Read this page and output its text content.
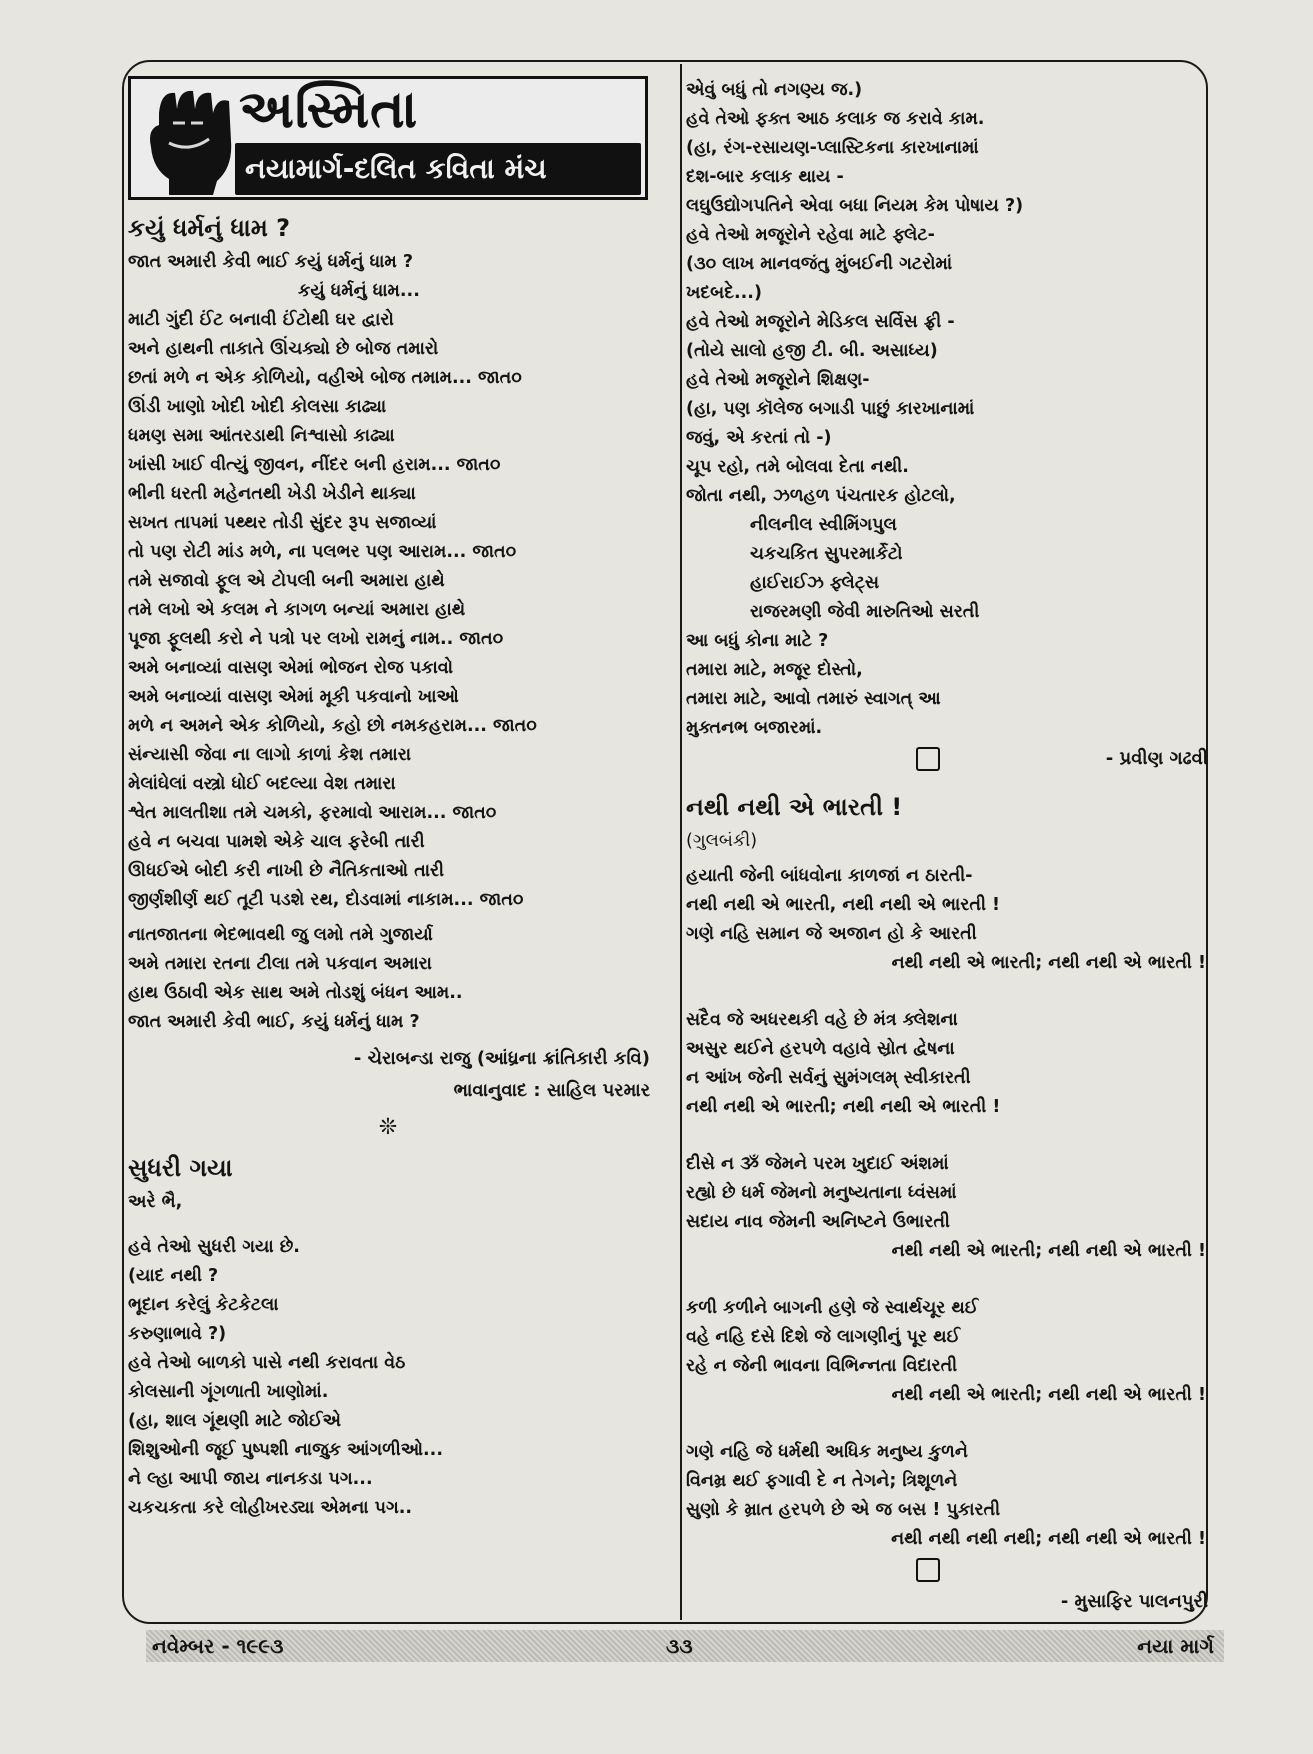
અસ્મિતા
નયામાર્ગ-દલિત કવિતા મંચ
કયું ધર્મનું ધામ ?
જાત અમારી કેવી ભાઈ કયું ધર્મનું ધામ ?
કયું ધર્મનું ધામ...
માટી ગુંદી ઈંટ બનાવી ઈંટોથી ઘર દ્વારો
અને હાથની તાકાતે ઊંચક્યો છે બોજ તમારો
છતાં મળે ન એક કોળિયો, વહીએ બોજ તમામ... જાત૦
ઊંડી ખાણો ખોદી ખોદી કોલસા કાઢ્યા
ધમણ સમા આંતરડાથી નિશ્વાસો કાઢ્યા
ખાંસી ખાઈ વીત્યું જીવન, નીંદર બની હરામ... જાત૦
ભીની ધરતી મહેનતથી ખેડી ખેડીને થાક્યા
સખત તાપમાં પથ્થર તોડી સુંદર રૂપ સજાવ્યાં
તો પણ રોટી માંડ મળે, ના પલભર પણ આરામ... જાત૦
તમે સજાવો ફૂલ એ ટોપલી બની અમારા હાથે
તમે લખો એ કલમ ને કાગળ બન્યાં અમારા હાથે
પૂજા ફૂલથી કરો ને પત્રો પર લખો રામનું નામ.. જાત૦
અમે બનાવ્યાં વાસણ એમાં ભોજન રોજ પકાવો
અમે બનાવ્યાં વાસણ એમાં મૂકી પકવાનો ખાઓ
મળે ન અમને એક કોળિયો, કહો છો નમકહરામ... જાત૦
સંન્યાસી જેવા ના લાગો કાળાં કેશ તમારા
મેલાંઘેલાં વસ્ત્રો ધોઈ બદલ્યા વેશ તમારા
શ્વેત માલતીશા તમે ચમકો, ફરમાવો આરામ... જાત૦
હવે ન બચવા પામશે એકે ચાલ ફરેબી તારી
ઊધઈએ બોદી કરી નાખી છે નૈતિકતાઓ તારી
જીર્ણશીર્ણ થઈ તૂટી પડશે રથ, દોડવામાં નાકામ... જાત૦
નાતજાતના ભેદભાવથી જુ લમો તમે ગુજાર્યા
અમે તમારા રતના ટીલા તમે પકવાન અમારા
હાથ ઉઠાવી એક સાથ અમે તોડશું બંધન આમ..
જાત અમારી કેવી ભાઈ, કયું ધર્મનું ધામ ?
- ચેરાબન્ડા રાજુ (આંધ્રના ક્રાંતિકારી કવિ)
ભાવાનુવાદ : સાહિલ પરમાર
❊
સુધરી ગયા
અરે ભૈ,
હવે તેઓ સુધરી ગયા છે.
(યાદ નથી ?
ભૂદાન કરેલું કેટકેટલા
કરુણાભાવે ?)
હવે તેઓ બાળકો પાસે નથી કરાવતા વેઠ
કોલસાની ગૂંગળાતી ખાણોમાં.
(હા, શાલ ગૂંથણી માટે જોઈએ
શિશુઓની જૂઈ પુષ્પશી નાજુક આંગળીઓ...
ને લ્હા આપી જાય નાનકડા પગ...
ચકચકતા કરે લોહીખરડ્યા એમના પગ..
એવું બધું તો નગણ્ય જ.)
હવે તેઓ ફક્ત આઠ કલાક જ કરાવે કામ.
(હા, રંગ-રસાયણ-પ્લાસ્ટિકના કારખાનામાં
દશ-બાર કલાક થાય -
લઘુઉદ્યોગપતિને એવા બધા નિયમ કેમ પોષાય ?)
હવે તેઓ મજૂરોને રહેવા માટે ફ્લેટ-
(૩૦ લાખ માનવજંતુ મુંબઈની ગટરોમાં
ખદબદે...)
હવે તેઓ મજૂરોને મેડિકલ સર્વિસ ફ્રી -
(તોયે સાલો હજી ટી. બી. અસાધ્ય)
હવે તેઓ મજૂરોને શિક્ષણ-
(હા, પણ કૉલેજ બગાડી પાછું કારખાનામાં
જવું, એ કરતાં તો -)
ચૂપ રહો, તમે બોલવા દેતા નથી.
જોતા નથી, ઝળહળ પંચતારક હોટલો,
નીલનીલ સ્વીમિંગપુલ
ચકચકિત સુપરમાર્કેટો
હાઈરાઈઝ ફ્લેટ્સ
રાજરમણી જેવી મારુતિઓ સરતી
આ બધું કોના માટે ?
તમારા માટે, મજૂર દોસ્તો,
તમારા માટે, આવો તમારું સ્વાગત્ આ
મુક્તનભ બજારમાં.
- પ્રવીણ ગઢવી
નથી નથી એ ભારતી !
(ગુલબંકી)
હયાતી જેની બાંધવોના કાળજાં ન ઠારતી-
નથી નથી એ ભારતી, નથી નથી એ ભારતી !
ગણે નહિ સમાન જે અજાન હો કે આરતી
નથી નથી એ ભારતી; નથી નથી એ ભારતી !
સદૈવ જે અધરથકી વહે છે મંત્ર ક્લેશના
અસુર થઈને હરપળે વહાવે સ્રોત દ્વેષના
ન આંખ જેની સર્વનું સુમંગલમ્ સ્વીકારતી
નથી નથી એ ભારતી; નથી નથી એ ભારતી !
દીસે ન ૐ જેમને પરમ ખુદાઈ અંશમાં
રહ્યો છે ધર્મ જેમનો મનુષ્યતાના ધ્વંસમાં
સદાય નાવ જેમની અનિષ્ટને ઉભારતી
નથી નથી એ ભારતી; નથી નથી એ ભારતી !
કળી કળીને બાગની હણે જે સ્વાર્થચૂર થઈ
વહે નહિ દસે દિશે જે લાગણીનું પૂર થઈ
રહે ન જેની ભાવના વિભિન્નતા વિદારતી
નથી નથી એ ભારતી; નથી નથી એ ભારતી !
ગણે નહિ જે ધર્મથી અધિક મનુષ્ય કુળને
વિનમ્ર થઈ ફગાવી દે ન તેગને; ત્રિશૂળને
સુણો કે મ્રાત હરપળે છે એ જ બસ ! પુકારતી
નથી નથી નથી નથી; નથી નથી એ ભારતી !
- મુસાફિર પાલનપુરી
નવેમ્બર - ૧૯૯૩	૩૩	નયા માર્ગ
